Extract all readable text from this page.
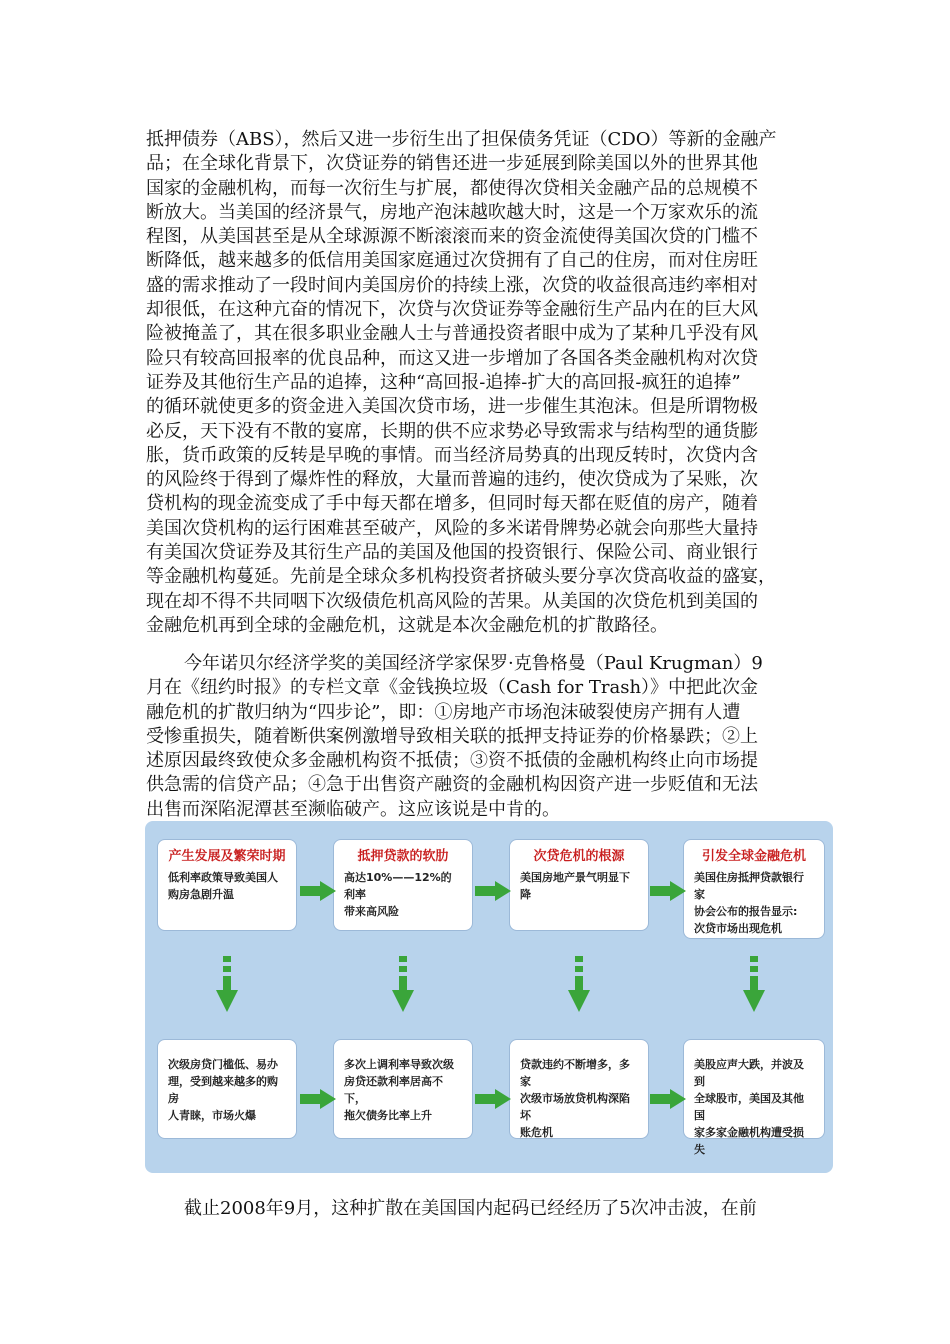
抵押债券（ABS），然后又进一步衍生出了担保债务凭证（CDO）等新的金融产
品；在全球化背景下，次贷证券的销售还进一步延展到除美国以外的世界其他
国家的金融机构，而每一次衍生与扩展，都使得次贷相关金融产品的总规模不
断放大。当美国的经济景气，房地产泡沫越吹越大时，这是一个万家欢乐的流
程图，从美国甚至是从全球源源不断滚滚而来的资金流使得美国次贷的门槛不
断降低，越来越多的低信用美国家庭通过次贷拥有了自己的住房，而对住房旺
盛的需求推动了一段时间内美国房价的持续上涨，次贷的收益很高违约率相对
却很低，在这种亢奋的情况下，次贷与次贷证券等金融衍生产品内在的巨大风
险被掩盖了，其在很多职业金融人士与普通投资者眼中成为了某种几乎没有风
险只有较高回报率的优良品种，而这又进一步增加了各国各类金融机构对次贷
证券及其他衍生产品的追捧，这种“高回报-追捧-扩大的高回报-疯狂的追捧”
的循环就使更多的资金进入美国次贷市场，进一步催生其泡沫。但是所谓物极
必反，天下没有不散的宴席，长期的供不应求势必导致需求与结构型的通货膨
胀，货币政策的反转是早晚的事情。而当经济局势真的出现反转时，次贷内含
的风险终于得到了爆炸性的释放，大量而普遍的违约，使次贷成为了呆账，次
贷机构的现金流变成了手中每天都在增多，但同时每天都在贬值的房产，随着
美国次贷机构的运行困难甚至破产，风险的多米诺骨牌势必就会向那些大量持
有美国次贷证券及其衍生产品的美国及他国的投资银行、保险公司、商业银行
等金融机构蔓延。先前是全球众多机构投资者挤破头要分享次贷高收益的盛宴，
现在却不得不共同咽下次级债危机高风险的苦果。从美国的次贷危机到美国的
金融危机再到全球的金融危机，这就是本次金融危机的扩散路径。
今年诺贝尔经济学奖的美国经济学家保罗·克鲁格曼（Paul Krugman）9
月在《纽约时报》的专栏文章《金钱换垃圾（Cash for Trash）》中把此次金
融危机的扩散归纳为“四步论”，即：①房地产市场泡沫破裂使房产拥有人遭
受惨重损失，随着断供案例激增导致相关联的抵押支持证券的价格暴跌；②上
述原因最终致使众多金融机构资不抵债；③资不抵债的金融机构终止向市场提
供急需的信贷产品；④急于出售资产融资的金融机构因资产进一步贬值和无法
出售而深陷泥潭甚至濒临破产。这应该说是中肯的。
产生发展及繁荣时期
低利率政策导致美国人
购房急剧升温
抵押贷款的软肋
高达10%——12%的利率
带来高风险
次贷危机的根源
美国房地产景气明显下降
引发全球金融危机
美国住房抵押贷款银行家
协会公布的报告显示:
次贷市场出现危机
次级房贷门槛低、易办
理，受到越来越多的购房
人青睐，市场火爆
多次上调利率导致次级
房贷还款利率居高不下，
拖欠债务比率上升
贷款违约不断增多，多家
次级市场放贷机构深陷坏
账危机
美股应声大跌，并波及到
全球股市，美国及其他国
家多家金融机构遭受损失
截止2008年9月，这种扩散在美国国内起码已经经历了5次冲击波，在前
